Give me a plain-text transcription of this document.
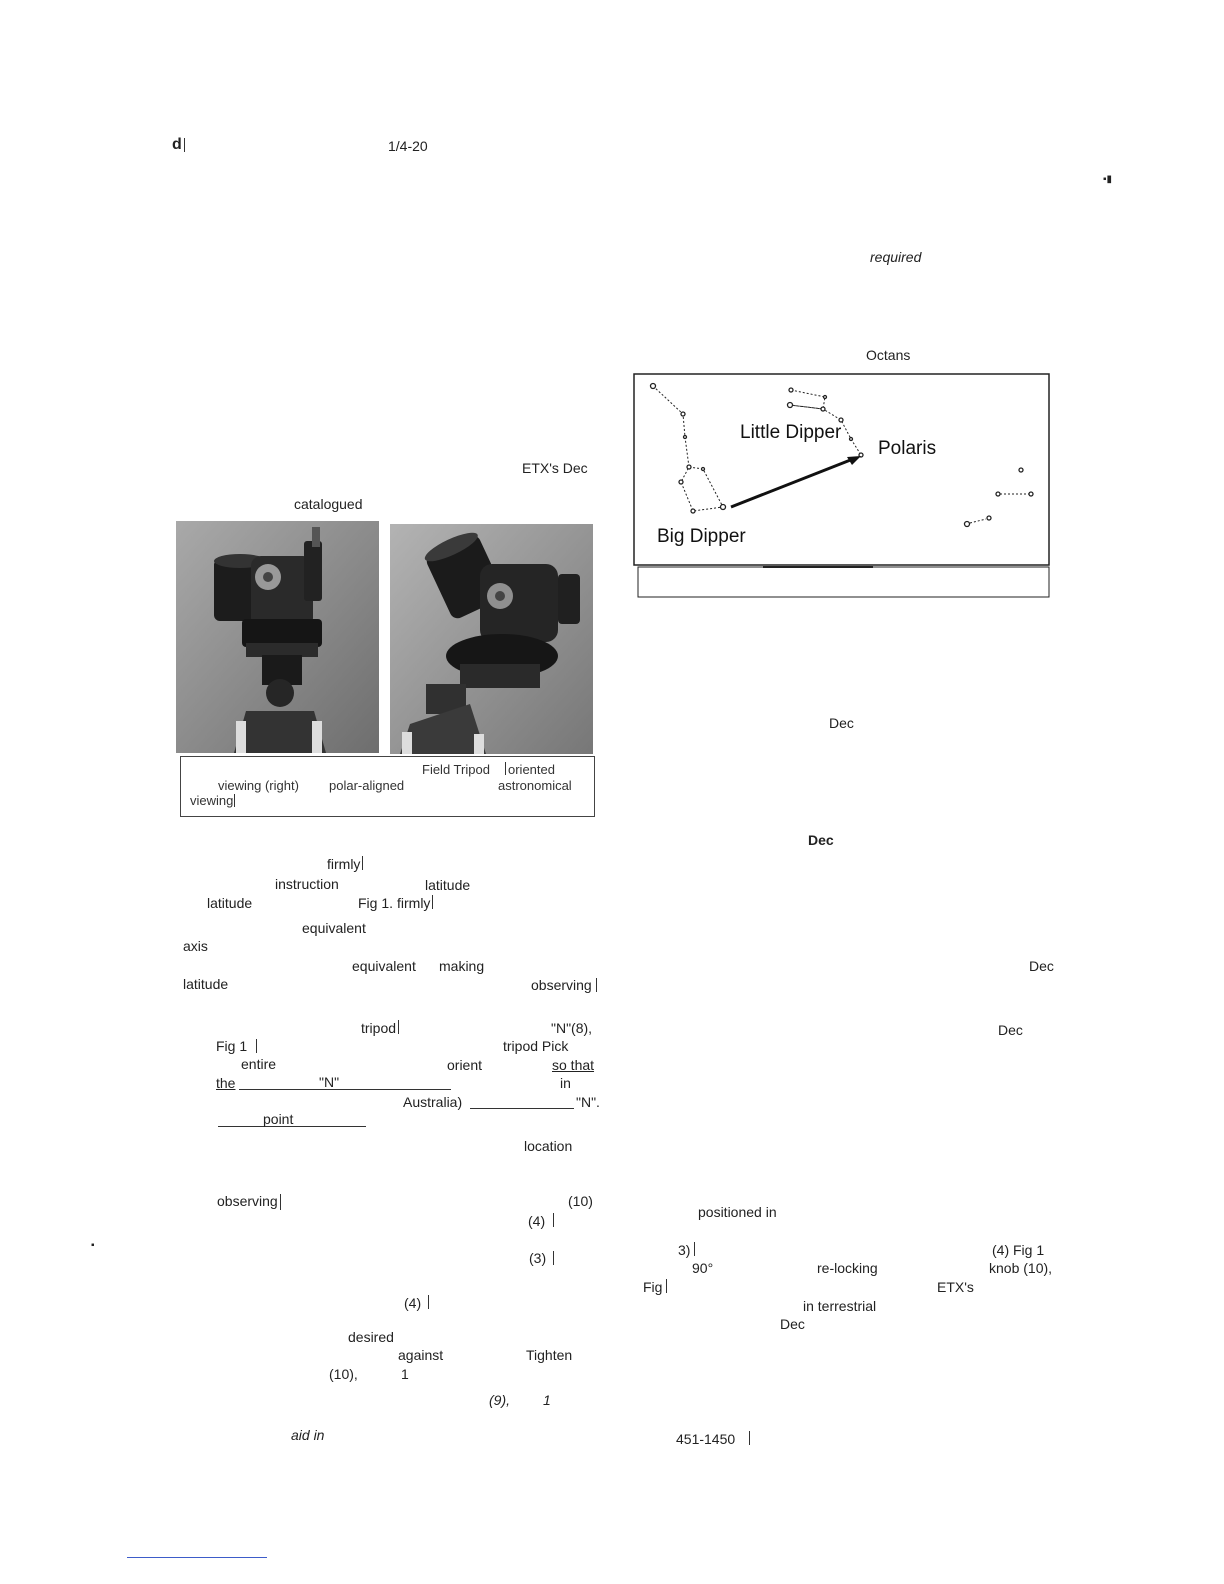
d	1/4-20
ETX's Dec
catalogued
Field Tripod oriented
viewing (right) polar-aligned	astronomical
viewing
firmly
instruction	latitude
latitude	Fig 1. firmly
equivalent
axis
equivalent making
latitude	observing
tripod	"N"(8),
Fig 1	tripod Pick
entire	orient	so that
the	"N"	in
Australia)	"N".
point
location
observing	(10)
(4)
▪
(3)
(4)
desired
against	Tighten
(10),	1
(9), 1
aid in
▪▮
required
Octans
Little Dipper
Polaris
Big Dipper
Dec
Dec
Dec
Dec
positioned in
3)	(4) Fig 1
90°	re-locking	knob (10),
Fig	ETX's
in terrestrial
Dec
451-1450
